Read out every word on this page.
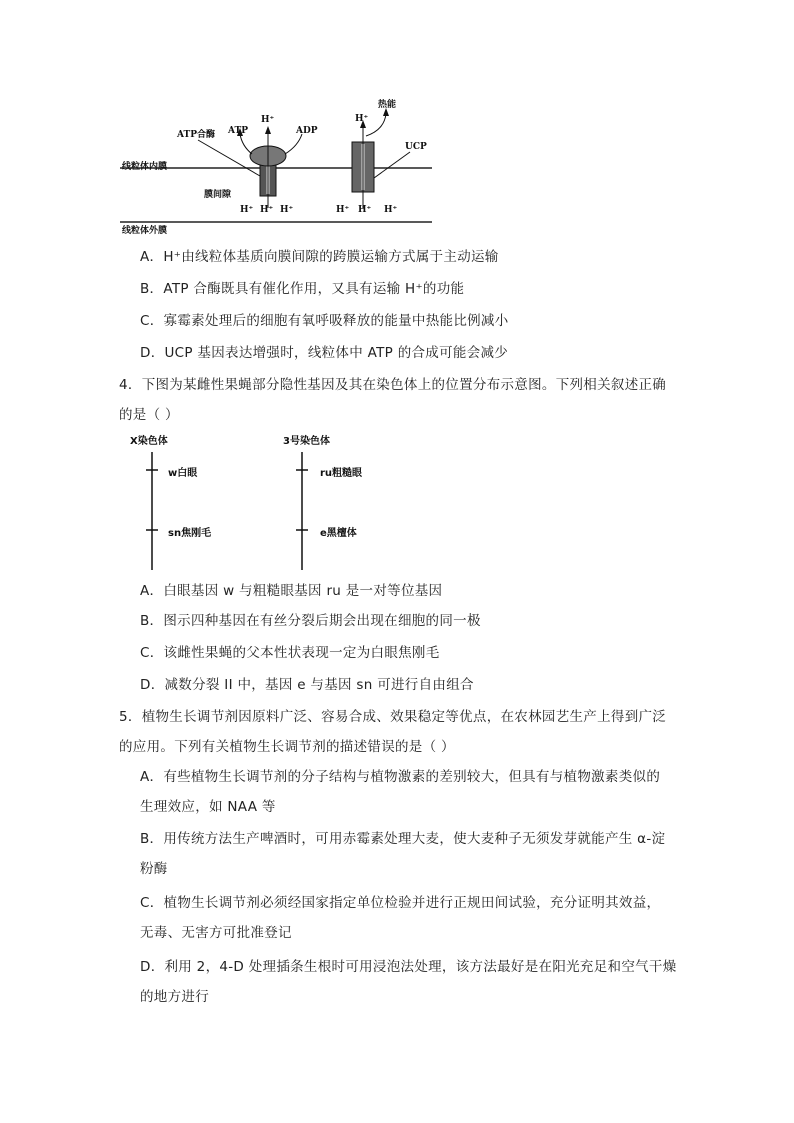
ATP合酶 ATP
H⁺
ADP
热能
H⁺
UCP
线粒体内膜
膜间隙
H⁺ H⁺ H⁺	H⁺ H⁺ H⁺
线粒体外膜
A．H⁺由线粒体基质向膜间隙的跨膜运输方式属于主动运输
B．ATP 合酶既具有催化作用，又具有运输 H⁺的功能
C．寡霉素处理后的细胞有氧呼吸释放的能量中热能比例减小
D．UCP 基因表达增强时，线粒体中 ATP 的合成可能会减少
4．下图为某雌性果蝇部分隐性基因及其在染色体上的位置分布示意图。下列相关叙述正确
的是（ ）
X染色体	3号染色体
w白眼
sn焦刚毛
ru粗糙眼
e黑檀体
A．白眼基因 w 与粗糙眼基因 ru 是一对等位基因
B．图示四种基因在有丝分裂后期会出现在细胞的同一极
C．该雌性果蝇的父本性状表现一定为白眼焦刚毛
D．减数分裂 II 中，基因 e 与基因 sn 可进行自由组合
5．植物生长调节剂因原料广泛、容易合成、效果稳定等优点，在农林园艺生产上得到广泛
的应用。下列有关植物生长调节剂的描述错误的是（ ）
A．有些植物生长调节剂的分子结构与植物激素的差别较大，但具有与植物激素类似的
生理效应，如 NAA 等
B．用传统方法生产啤酒时，可用赤霉素处理大麦，使大麦种子无须发芽就能产生 α-淀
粉酶
C．植物生长调节剂必须经国家指定单位检验并进行正规田间试验，充分证明其效益，
无毒、无害方可批准登记
D．利用 2，4-D 处理插条生根时可用浸泡法处理，该方法最好是在阳光充足和空气干燥
的地方进行
